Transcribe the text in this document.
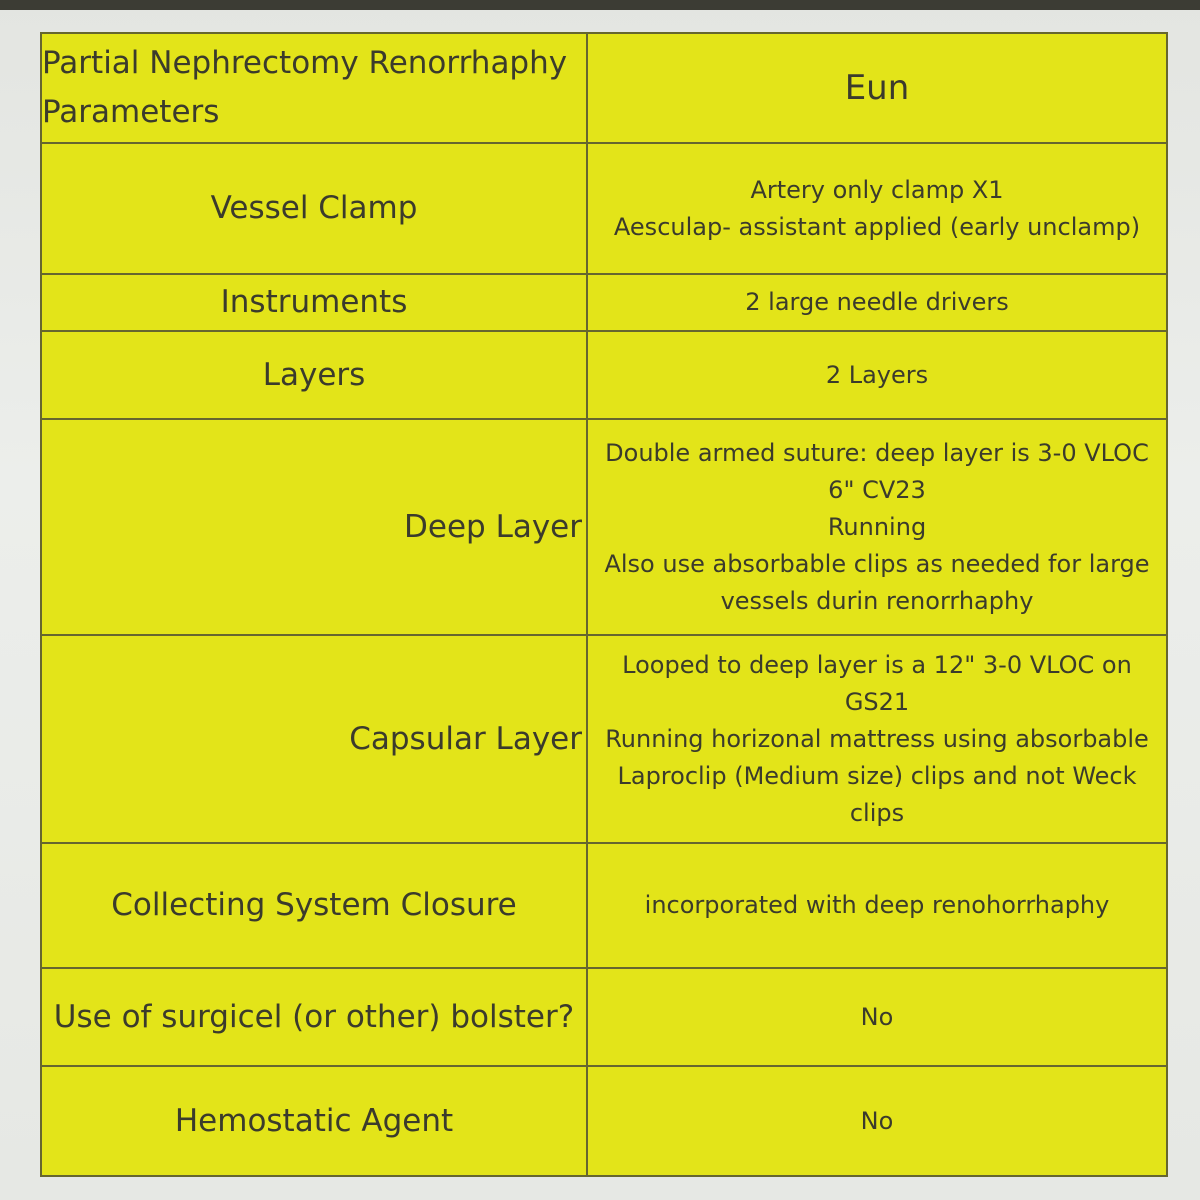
Partial Nephrectomy Renorrhaphy Parameters	Eun
Vessel Clamp	Artery only clamp X1
Aesculap- assistant applied (early unclamp)

Instruments	2 large needle drivers

Layers	2 Layers

Deep Layer	Double armed suture: deep layer is 3-0 VLOC
6" CV23
Running
Also use absorbable clips as needed for large
vessels durin renorrhaphy

Capsular Layer	Looped to deep layer is a 12" 3-0 VLOC on
GS21
Running horizonal mattress using absorbable
Laproclip (Medium size) clips and not Weck
clips

Collecting System Closure	incorporated with deep renohorrhaphy

Use of surgicel (or other) bolster?	No

Hemostatic Agent	No
